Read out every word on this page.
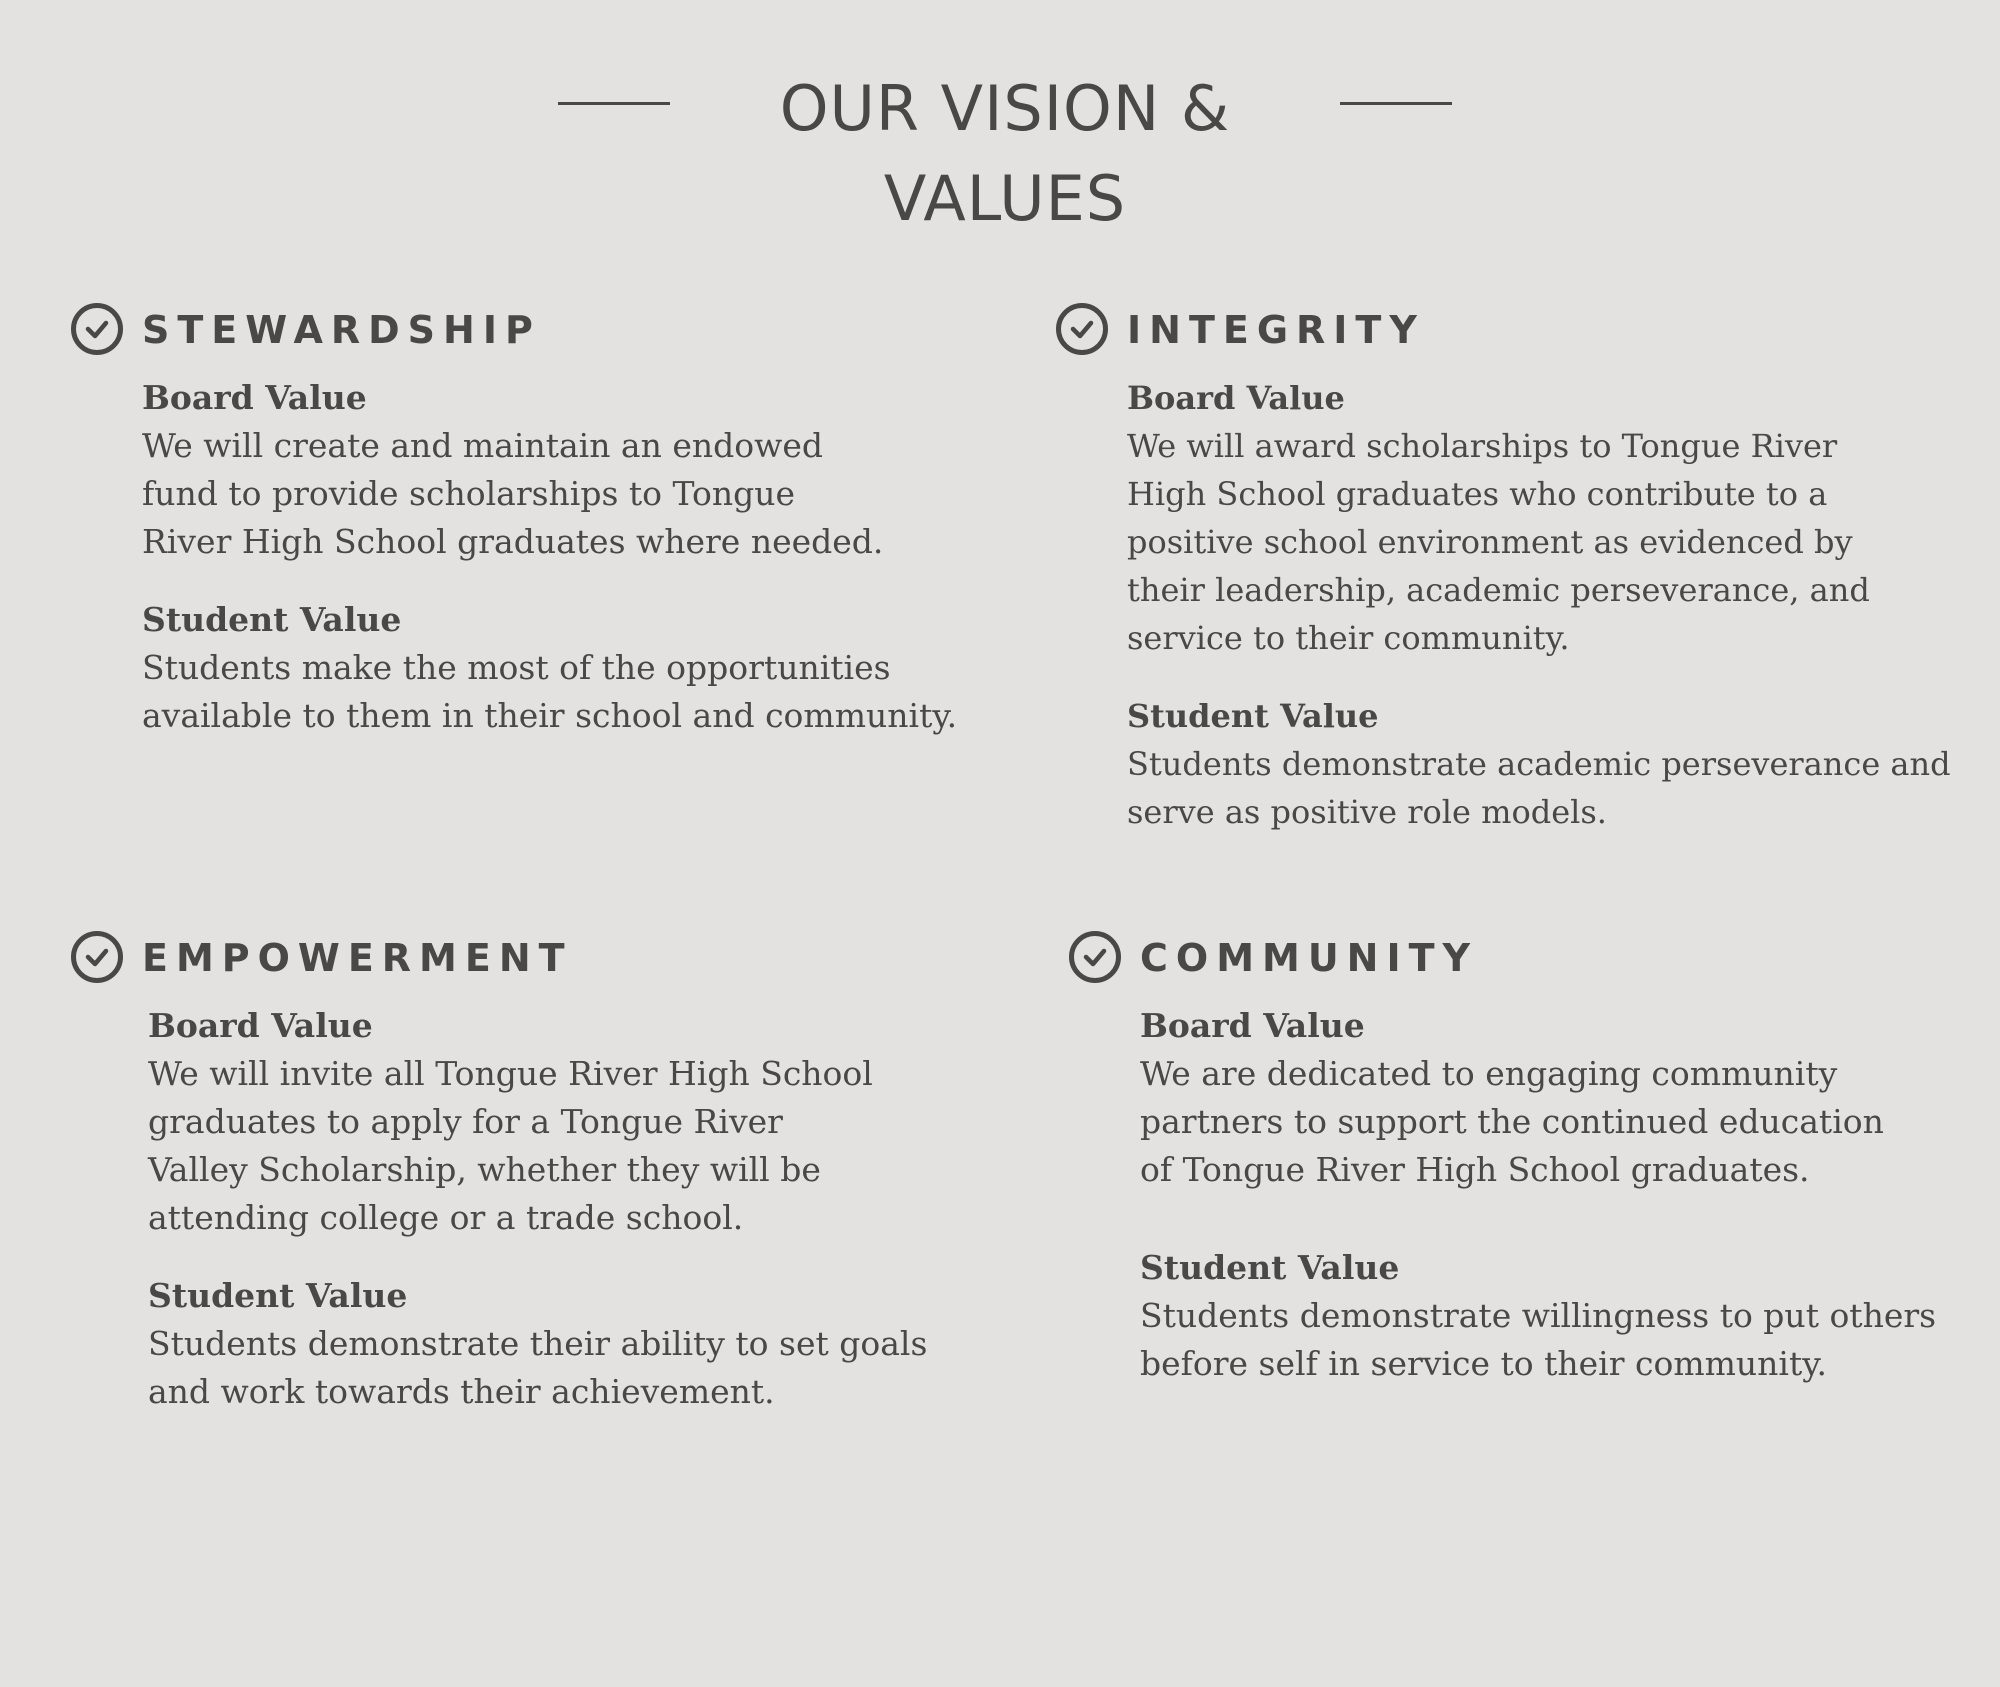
OUR VISION & VALUES
STEWARDSHIP
Board Value
We will create and maintain an endowed
fund to provide scholarships to Tongue
River High School graduates where needed.
Student Value
Students make the most of the opportunities
available to them in their school and community.
INTEGRITY
Board Value
We will award scholarships to Tongue River
High School graduates who contribute to a
positive school environment as evidenced by
their leadership, academic perseverance, and
service to their community.
Student Value
Students demonstrate academic perseverance and
serve as positive role models.
EMPOWERMENT
Board Value
We will invite all Tongue River High School
graduates to apply for a Tongue River
Valley Scholarship, whether they will be
attending college or a trade school.
Student Value
Students demonstrate their ability to set goals
and work towards their achievement.
COMMUNITY
Board Value
We are dedicated to engaging community
partners to support the continued education
of Tongue River High School graduates.
Student Value
Students demonstrate willingness to put others
before self in service to their community.
